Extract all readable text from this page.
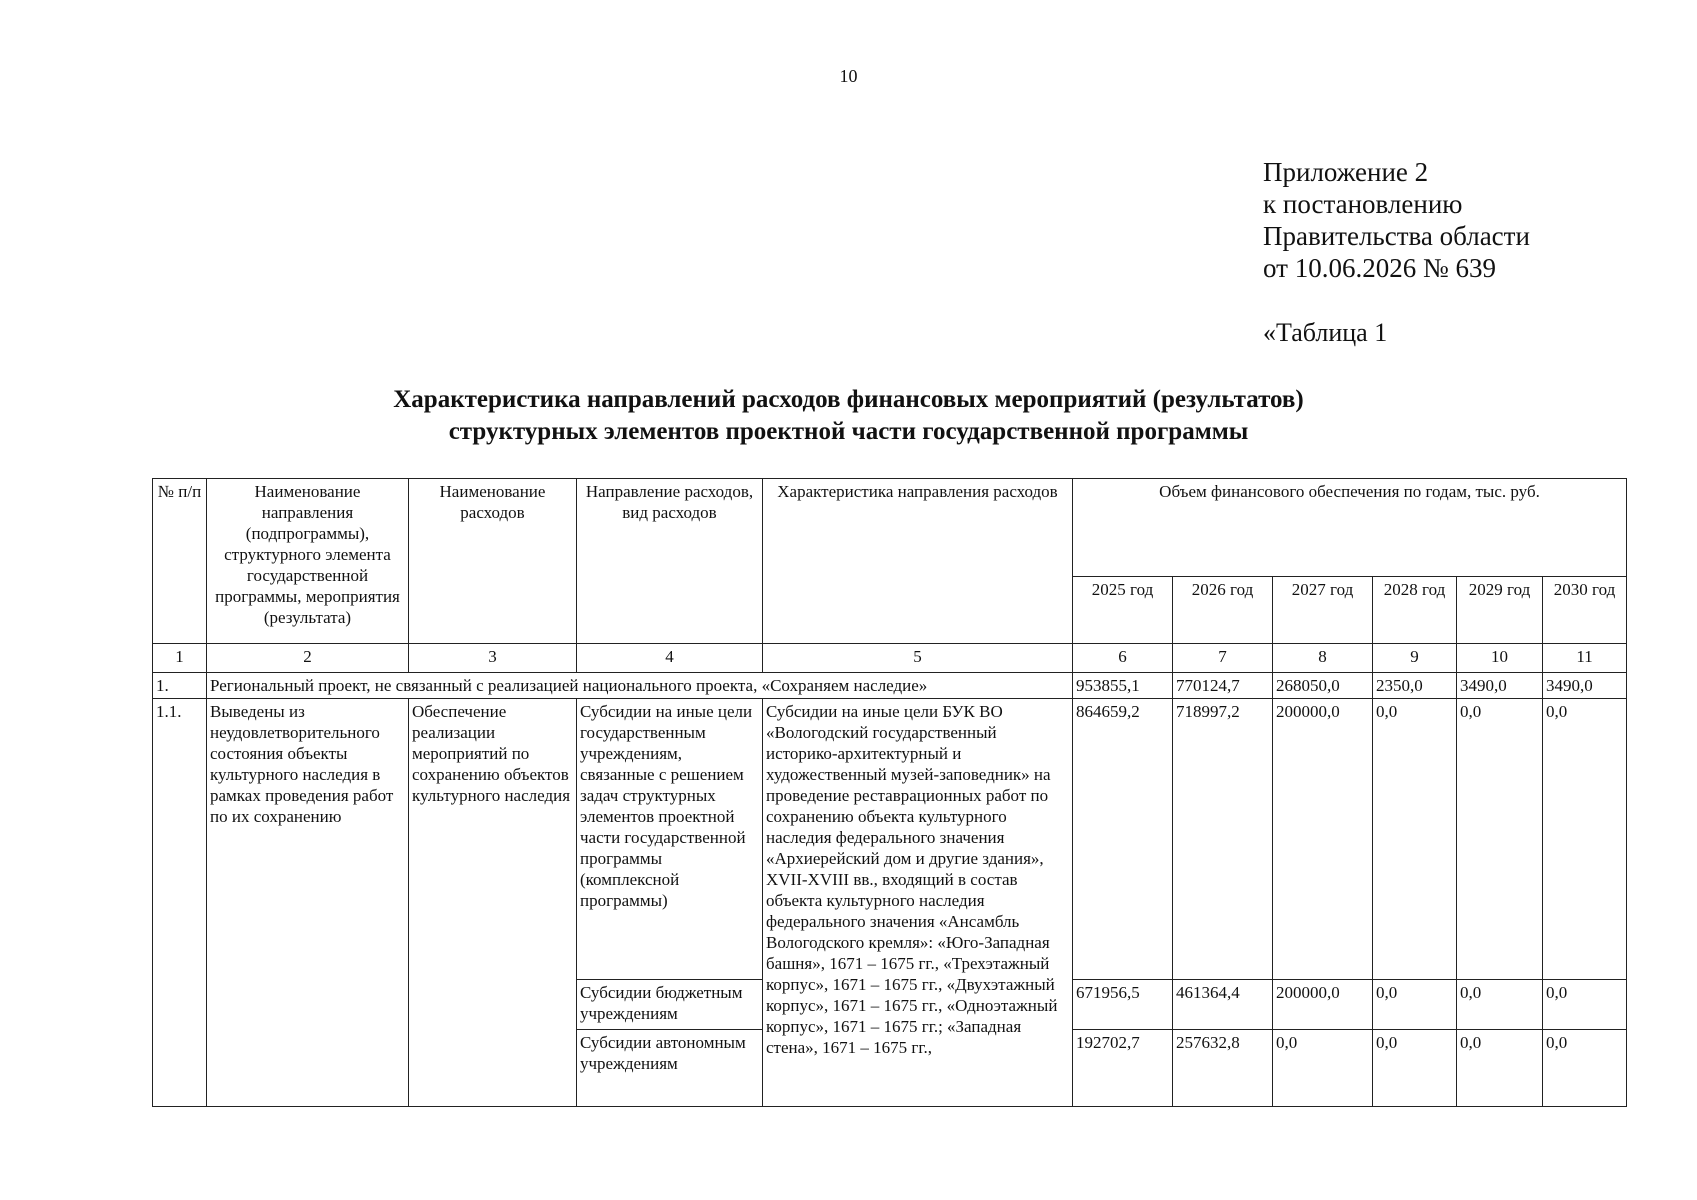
10
Приложение 2
к постановлению
Правительства области
от 10.06.2026 № 639
«Таблица 1
Характеристика направлений расходов финансовых мероприятий (результатов)
структурных элементов проектной части государственной программы
№ п/п	Наименование направления (подпрограммы), структурного элемента государственной программы, мероприятия (результата)	Наименование расходов	Направление расходов, вид расходов	Характеристика направления расходов	Объем финансового обеспечения по годам, тыс. руб.					
					2025 год	2026 год	2027 год	2028 год	2029 год	2030 год
1	2	3	4	5	6	7	8	9	10	11
1.	Региональный проект, не связанный с реализацией национального проекта, «Сохраняем наследие»				953855,1	770124,7	268050,0	2350,0	3490,0	3490,0
1.1.	Выведены из неудовлетворительного состояния объекты культурного наследия в рамках проведения работ по их сохранению	Обеспечение реализации мероприятий по сохранению объектов культурного наследия	Субсидии на иные цели государственным учреждениям, связанные с решением задач структурных элементов проектной части государственной программы (комплексной программы)	Субсидии на иные цели БУК ВО «Вологодский государственный историко-архитектурный и художественный музей-заповедник» на проведение реставрационных работ по сохранению объекта культурного наследия федерального значения «Архиерейский дом и другие здания», XVII-XVIII вв., входящий в состав объекта культурного наследия федерального значения «Ансамбль Вологодского кремля»: «Юго-Западная башня», 1671 – 1675 гг., «Трехэтажный корпус», 1671 – 1675 гг., «Двухэтажный корпус», 1671 – 1675 гг., «Одноэтажный корпус», 1671 – 1675 гг.; «Западная стена», 1671 – 1675 гг.,	864659,2	718997,2	200000,0	0,0	0,0	0,0
			Субсидии бюджетным учреждениям		671956,5	461364,4	200000,0	0,0	0,0	0,0
			Субсидии автономным учреждениям		192702,7	257632,8	0,0	0,0	0,0	0,0
